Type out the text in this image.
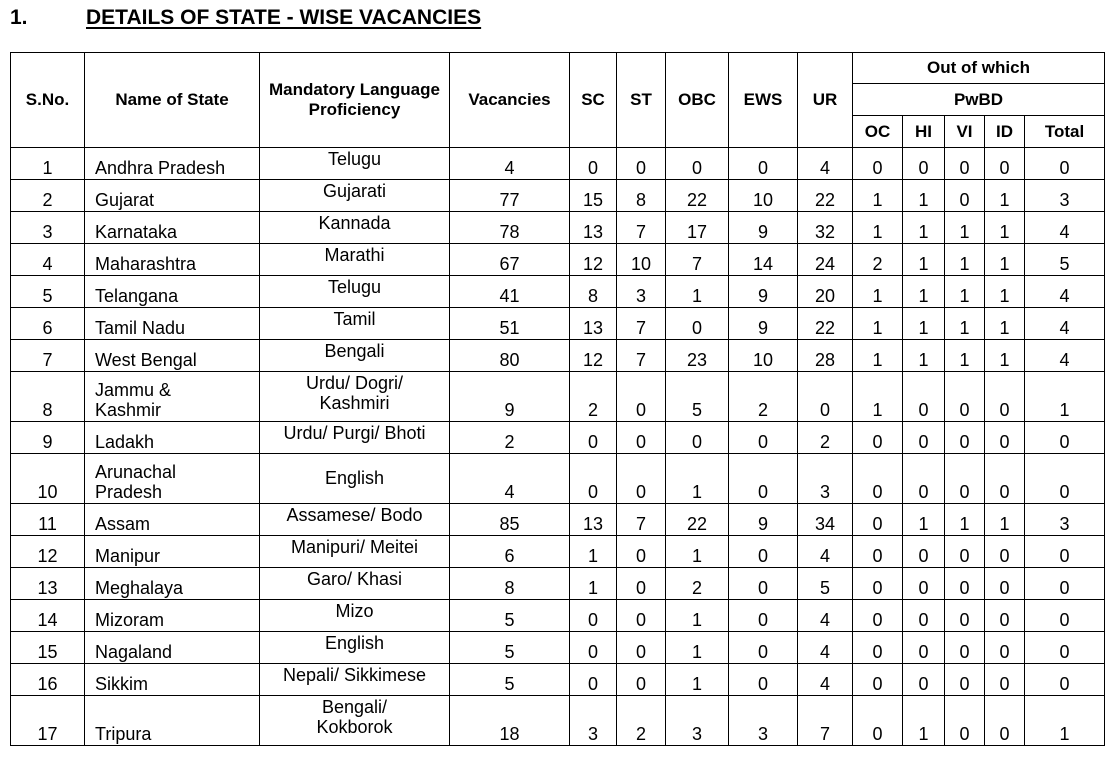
1.	DETAILS OF STATE - WISE VACANCIES
S.No.	Name of State	Mandatory Language Proficiency	Vacancies	SC	ST	OBC	EWS	UR	Out of which				
									PwBD				
									OC	HI	VI	ID	Total
1	Andhra Pradesh	Telugu	4	0	0	0	0	4	0	0	0	0	0
2	Gujarat	Gujarati	77	15	8	22	10	22	1	1	0	1	3
3	Karnataka	Kannada	78	13	7	17	9	32	1	1	1	1	4
4	Maharashtra	Marathi	67	12	10	7	14	24	2	1	1	1	5
5	Telangana	Telugu	41	8	3	1	9	20	1	1	1	1	4
6	Tamil Nadu	Tamil	51	13	7	0	9	22	1	1	1	1	4
7	West Bengal	Bengali	80	12	7	23	10	28	1	1	1	1	4
8	Jammu & Kashmir	Urdu/ Dogri/ Kashmiri	9	2	0	5	2	0	1	0	0	0	1
9	Ladakh	Urdu/ Purgi/ Bhoti	2	0	0	0	0	2	0	0	0	0	0
10	Arunachal Pradesh	English	4	0	0	1	0	3	0	0	0	0	0
11	Assam	Assamese/ Bodo	85	13	7	22	9	34	0	1	1	1	3
12	Manipur	Manipuri/ Meitei	6	1	0	1	0	4	0	0	0	0	0
13	Meghalaya	Garo/ Khasi	8	1	0	2	0	5	0	0	0	0	0
14	Mizoram	Mizo	5	0	0	1	0	4	0	0	0	0	0
15	Nagaland	English	5	0	0	1	0	4	0	0	0	0	0
16	Sikkim	Nepali/ Sikkimese	5	0	0	1	0	4	0	0	0	0	0
17	Tripura	Bengali/ Kokborok	18	3	2	3	3	7	0	1	0	0	1
